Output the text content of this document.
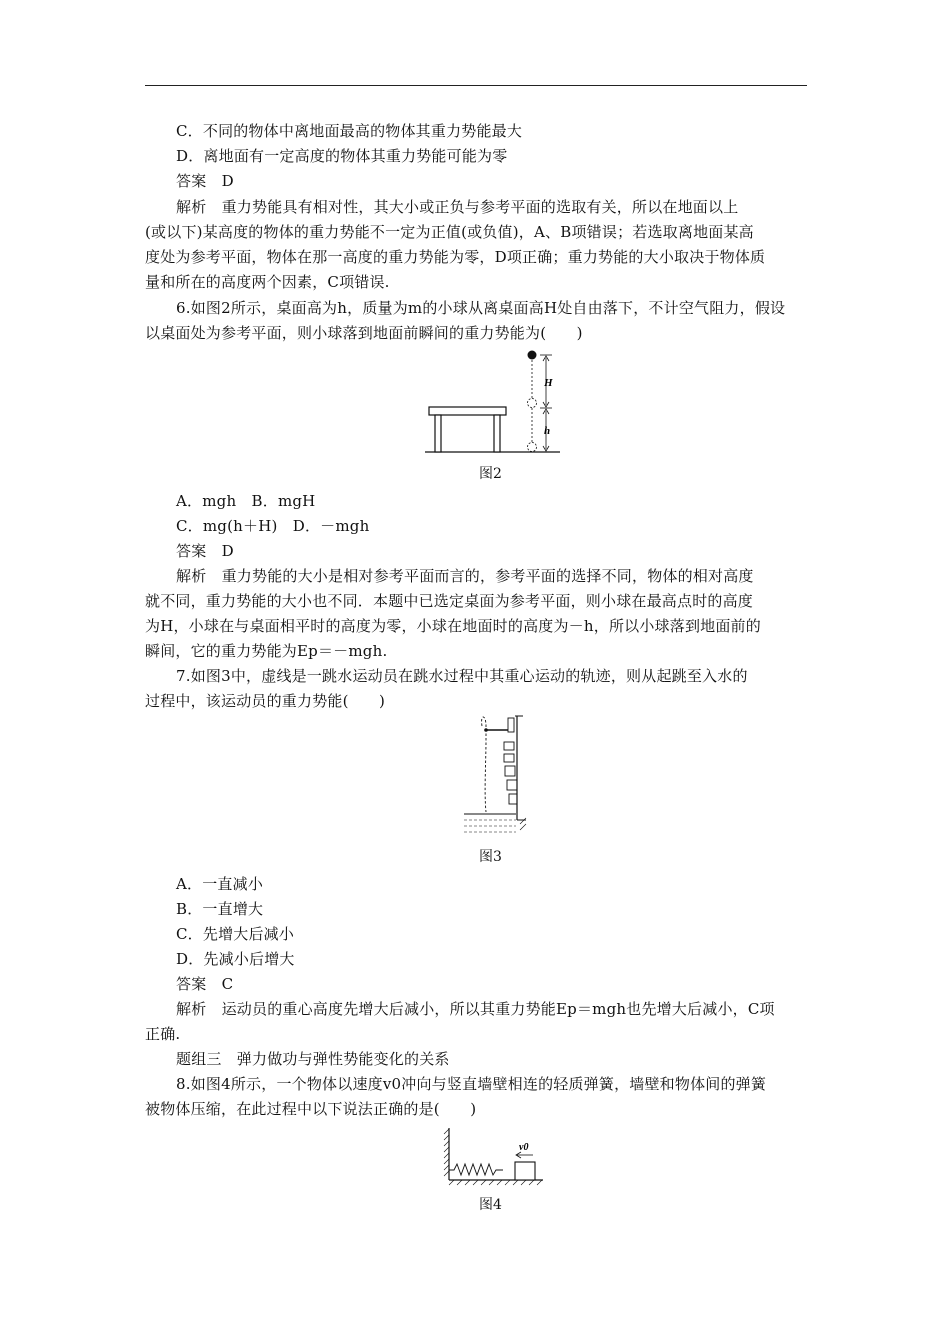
C．不同的物体中离地面最高的物体其重力势能最大
D．离地面有一定高度的物体其重力势能可能为零
答案　D
解析　重力势能具有相对性，其大小或正负与参考平面的选取有关，所以在地面以上
(或以下)某高度的物体的重力势能不一定为正值(或负值)，A、B项错误；若选取离地面某高
度处为参考平面，物体在那一高度的重力势能为零，D项正确；重力势能的大小取决于物体质
量和所在的高度两个因素，C项错误.
6.如图2所示，桌面高为h，质量为m的小球从离桌面高H处自由落下，不计空气阻力，假设
以桌面处为参考平面，则小球落到地面前瞬间的重力势能为(　　)
H
h
图2
A．mgh　B．mgH
C．mg(h＋H)　D．－mgh
答案　D
解析　重力势能的大小是相对参考平面而言的，参考平面的选择不同，物体的相对高度
就不同，重力势能的大小也不同．本题中已选定桌面为参考平面，则小球在最高点时的高度
为H，小球在与桌面相平时的高度为零，小球在地面时的高度为－h，所以小球落到地面前的
瞬间，它的重力势能为Ep＝－mgh.
7.如图3中，虚线是一跳水运动员在跳水过程中其重心运动的轨迹，则从起跳至入水的
过程中，该运动员的重力势能(　　)
图3
A．一直减小
B．一直增大
C．先增大后减小
D．先减小后增大
答案　C
解析　运动员的重心高度先增大后减小，所以其重力势能Ep＝mgh也先增大后减小，C项
正确.
题组三　弹力做功与弹性势能变化的关系
8.如图4所示，一个物体以速度v0冲向与竖直墙壁相连的轻质弹簧，墙壁和物体间的弹簧
被物体压缩，在此过程中以下说法正确的是(　　)
v0
图4
